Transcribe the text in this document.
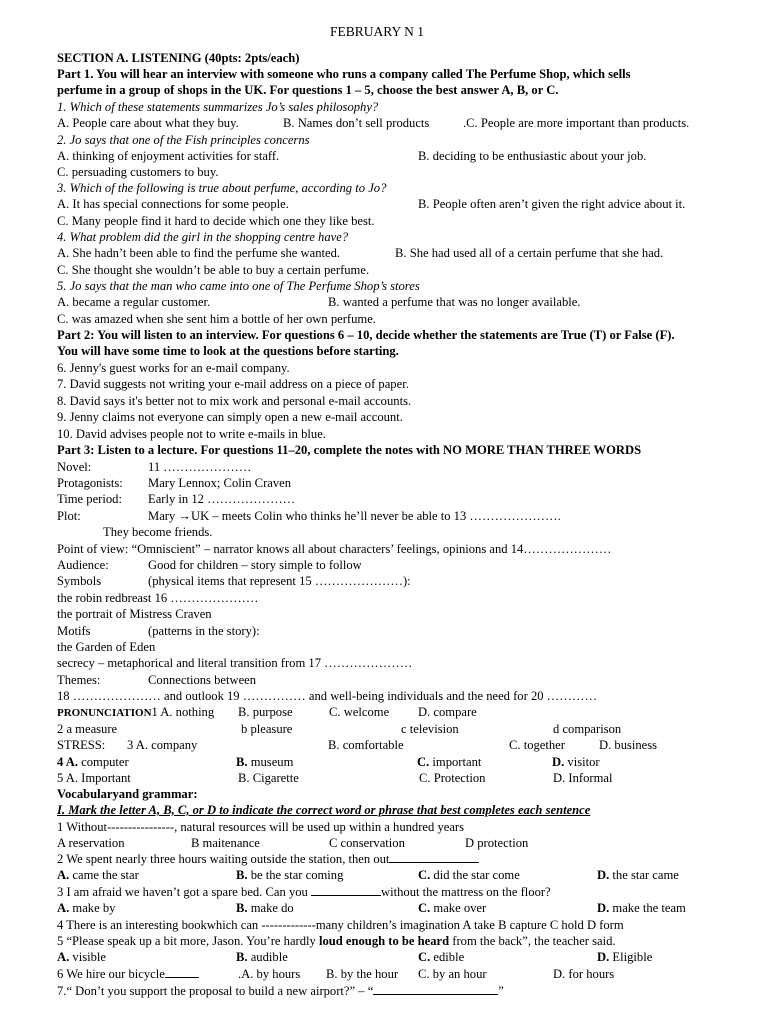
FEBRUARY N 1
SECTION A. LISTENING (40pts: 2pts/each)
Part 1. You will hear an interview with someone who runs a company called The Perfume Shop, which sells
perfume in a group of shops in the UK. For questions 1 – 5, choose the best answer A, B, or C.
1. Which of these statements summarizes Jo’s sales philosophy?
A. People care about what they buy.	B. Names don’t sell products	.C. People are more important than products.
2. Jo says that one of the Fish principles concerns
A. thinking of enjoyment activities for staff.	B. deciding to be enthusiastic about your job.
C. persuading customers to buy.
3. Which of the following is true about perfume, according to Jo?
A. It has special connections for some people.	B. People often aren’t given the right advice about it.
C. Many people find it hard to decide which one they like best.
4. What problem did the girl in the shopping centre have?
A. She hadn’t been able to find the perfume she wanted.	B. She had used all of a certain perfume that she had.
C. She thought she wouldn’t be able to buy a certain perfume.
5. Jo says that the man who came into one of The Perfume Shop’s stores
A. became a regular customer.	B. wanted a perfume that was no longer available.
C. was amazed when she sent him a bottle of her own perfume.
Part 2: You will listen to an interview. For questions 6 – 10, decide whether the statements are True (T) or False (F).
You will have some time to look at the questions before starting.
6. Jenny's guest works for an e-mail company.
7. David suggests not writing your e-mail address on a piece of paper.
8. David says it's better not to mix work and personal e-mail accounts.
9. Jenny claims not everyone can simply open a new e-mail account.
10. David advises people not to write e-mails in blue.
Part 3: Listen to a lecture. For questions 11–20, complete the notes with NO MORE THAN THREE WORDS
Novel:	11 …………………
Protagonists: Mary Lennox; Colin Craven
Time period: Early in 12 …………………
Plot:	Mary →UK – meets Colin who thinks he’ll never be able to 13 ………………….
They become friends.
Point of view: “Omniscient” – narrator knows all about characters’ feelings, opinions and 14…………………
Audience:	Good for children – story simple to follow
Symbols	(physical items that represent 15 …………………):
the robin redbreast 16 …………………
the portrait of Mistress Craven
Motifs	(patterns in the story):
the Garden of Eden
secrecy – metaphorical and literal transition from 17 …………………
Themes:	Connections between
18 ………………… and outlook 19 …………… and well-being individuals and the need for 20 …………
PRONUNCIATION1 A. nothing B. purpose	C. welcome D. compare
2 a measure	b pleasure	c television	d comparison
STRESS: 3 A. company	B. comfortable	C. together	D. business
4 A. computer	B. museum	C. important	D. visitor
5 A. Important	B. Cigarette	C. Protection	D. Informal
Vocabularyand grammar:
I. Mark the letter A, B, C, or D to indicate the correct word or phrase that best completes each sentence
1 Without----------------, natural resources will be used up within a hundred years
A reservation	B maitenance	C conservation	D protection
2 We spent nearly three hours waiting outside the station, then out
A. came the star	B. be the star coming	C. did the star come	D. the star came
3 I am afraid we haven’t got a spare bed. Can you	without the mattress on the floor?
A. make by	B. make do	C. make over	D. make the team
4 There is an interesting bookwhich can -------------many children’s imagination A take B capture C hold D form
5 “Please speak up a bit more, Jason. You’re hardly loud enough to be heard from the back”, the teacher said.
A. visible	B. audible	C. edible	D. Eligible
6 We hire our bicycle	.A. by hours B. by the hour C. by an hour	D. for hours
7.“ Don’t you support the proposal to build a new airport?” – “	”
